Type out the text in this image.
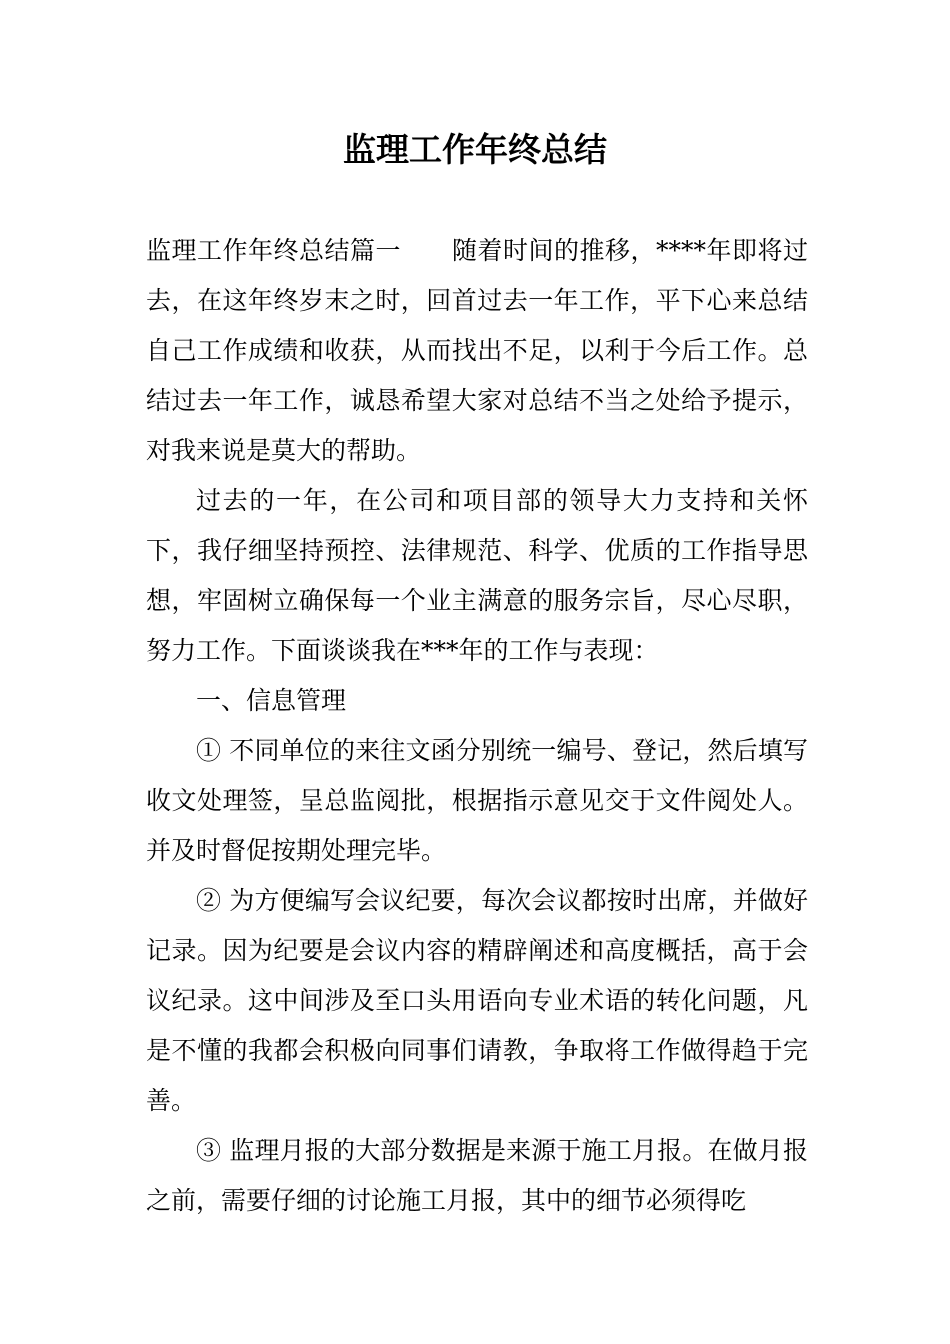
监理工作年终总结

监理工作年终总结篇一　　随着时间的推移，****年即将过去，在这年终岁末之时，回首过去一年工作，平下心来总结自己工作成绩和收获，从而找出不足，以利于今后工作。总结过去一年工作，诚恳希望大家对总结不当之处给予提示，对我来说是莫大的帮助。

过去的一年，在公司和项目部的领导大力支持和关怀下，我仔细坚持预控、法律规范、科学、优质的工作指导思想，牢固树立确保每一个业主满意的服务宗旨，尽心尽职，努力工作。下面谈谈我在***年的工作与表现：

一、信息管理

① 不同单位的来往文函分别统一编号、登记，然后填写收文处理签，呈总监阅批，根据指示意见交于文件阅处人。并及时督促按期处理完毕。

② 为方便编写会议纪要，每次会议都按时出席，并做好记录。因为纪要是会议内容的精辟阐述和高度概括，高于会议纪录。这中间涉及至口头用语向专业术语的转化问题，凡是不懂的我都会积极向同事们请教，争取将工作做得趋于完善。

③ 监理月报的大部分数据是来源于施工月报。在做月报之前，需要仔细的讨论施工月报，其中的细节必须得吃
